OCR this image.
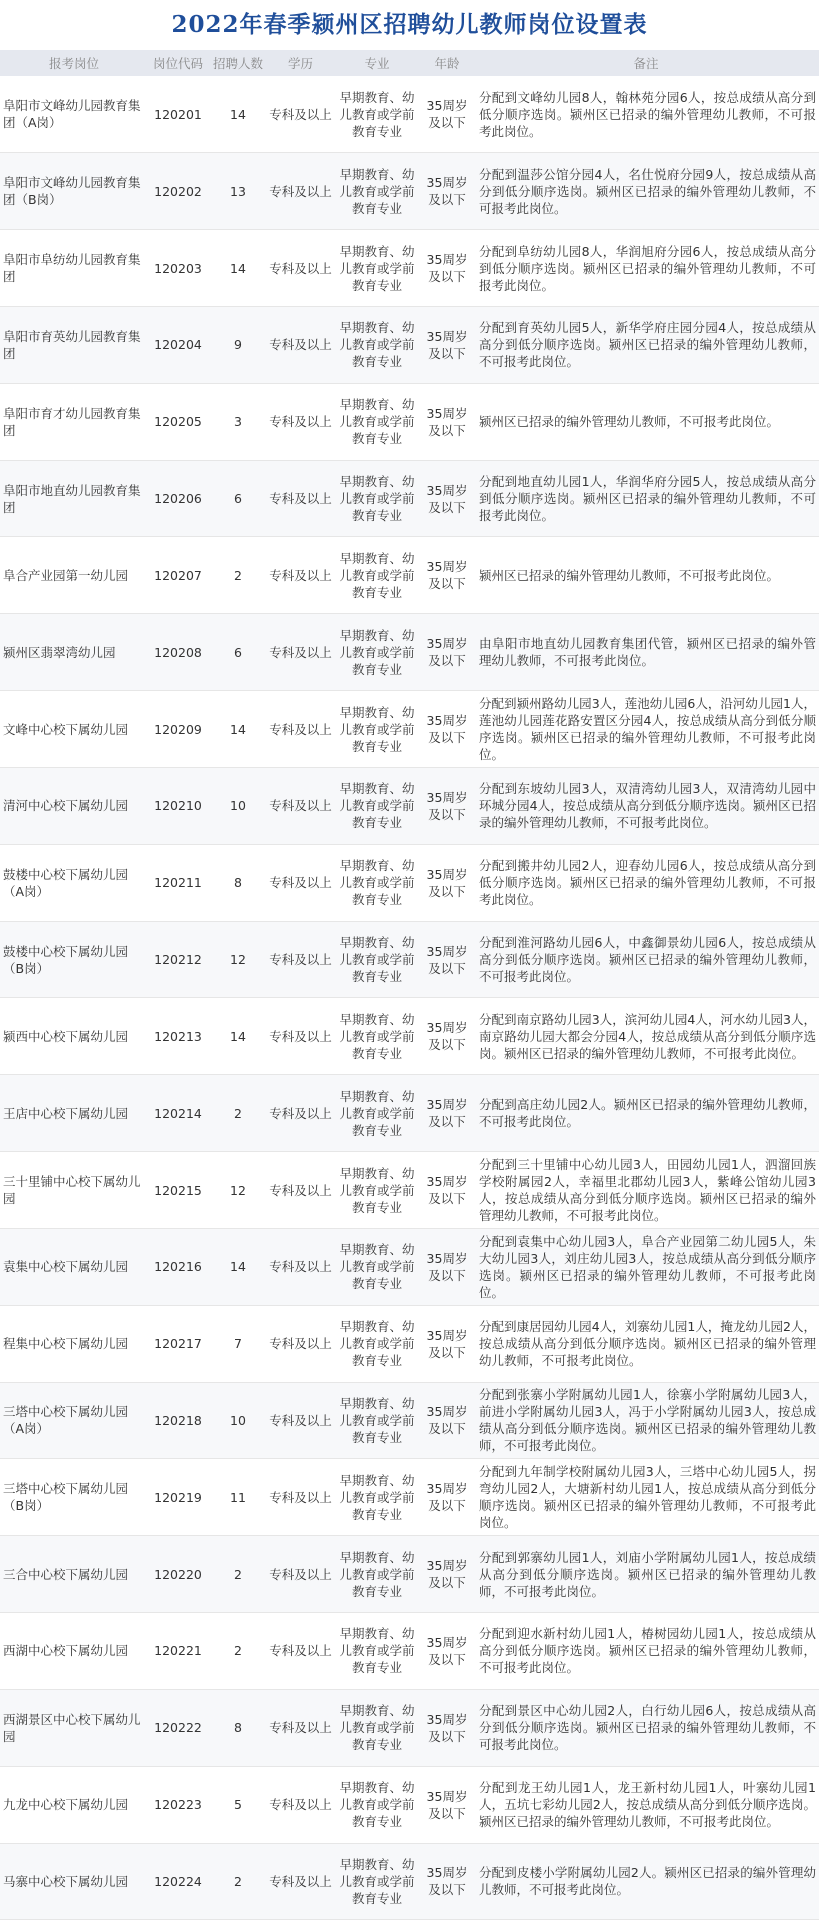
2022年春季颍州区招聘幼儿教师岗位设置表
报考岗位	岗位代码	招聘人数	学历	专业	年龄	备注
阜阳市文峰幼儿园教育集团（A岗）	120201	14	专科及以上	早期教育、幼儿教育或学前教育专业	35周岁及以下	分配到文峰幼儿园8人，翰林苑分园6人，按总成绩从高分到低分顺序选岗。颍州区已招录的编外管理幼儿教师，不可报考此岗位。
阜阳市文峰幼儿园教育集团（B岗）	120202	13	专科及以上	早期教育、幼儿教育或学前教育专业	35周岁及以下	分配到温莎公馆分园4人，名仕悦府分园9人，按总成绩从高分到低分顺序选岗。颍州区已招录的编外管理幼儿教师，不可报考此岗位。
阜阳市阜纺幼儿园教育集团	120203	14	专科及以上	早期教育、幼儿教育或学前教育专业	35周岁及以下	分配到阜纺幼儿园8人，华润旭府分园6人，按总成绩从高分到低分顺序选岗。颍州区已招录的编外管理幼儿教师，不可报考此岗位。
阜阳市育英幼儿园教育集团	120204	9	专科及以上	早期教育、幼儿教育或学前教育专业	35周岁及以下	分配到育英幼儿园5人，新华学府庄园分园4人，按总成绩从高分到低分顺序选岗。颍州区已招录的编外管理幼儿教师，不可报考此岗位。
阜阳市育才幼儿园教育集团	120205	3	专科及以上	早期教育、幼儿教育或学前教育专业	35周岁及以下	颍州区已招录的编外管理幼儿教师，不可报考此岗位。
阜阳市地直幼儿园教育集团	120206	6	专科及以上	早期教育、幼儿教育或学前教育专业	35周岁及以下	分配到地直幼儿园1人，华润华府分园5人，按总成绩从高分到低分顺序选岗。颍州区已招录的编外管理幼儿教师，不可报考此岗位。
阜合产业园第一幼儿园	120207	2	专科及以上	早期教育、幼儿教育或学前教育专业	35周岁及以下	颍州区已招录的编外管理幼儿教师，不可报考此岗位。
颍州区翡翠湾幼儿园	120208	6	专科及以上	早期教育、幼儿教育或学前教育专业	35周岁及以下	由阜阳市地直幼儿园教育集团代管，颍州区已招录的编外管理幼儿教师，不可报考此岗位。
文峰中心校下属幼儿园	120209	14	专科及以上	早期教育、幼儿教育或学前教育专业	35周岁及以下	分配到颍州路幼儿园3人，莲池幼儿园6人，沿河幼儿园1人，莲池幼儿园莲花路安置区分园4人，按总成绩从高分到低分顺序选岗。颍州区已招录的编外管理幼儿教师，不可报考此岗位。
清河中心校下属幼儿园	120210	10	专科及以上	早期教育、幼儿教育或学前教育专业	35周岁及以下	分配到东坡幼儿园3人，双清湾幼儿园3人，双清湾幼儿园中环城分园4人，按总成绩从高分到低分顺序选岗。颍州区已招录的编外管理幼儿教师，不可报考此岗位。
鼓楼中心校下属幼儿园（A岗）	120211	8	专科及以上	早期教育、幼儿教育或学前教育专业	35周岁及以下	分配到搬井幼儿园2人，迎春幼儿园6人，按总成绩从高分到低分顺序选岗。颍州区已招录的编外管理幼儿教师，不可报考此岗位。
鼓楼中心校下属幼儿园（B岗）	120212	12	专科及以上	早期教育、幼儿教育或学前教育专业	35周岁及以下	分配到淮河路幼儿园6人，中鑫御景幼儿园6人，按总成绩从高分到低分顺序选岗。颍州区已招录的编外管理幼儿教师，不可报考此岗位。
颍西中心校下属幼儿园	120213	14	专科及以上	早期教育、幼儿教育或学前教育专业	35周岁及以下	分配到南京路幼儿园3人，滨河幼儿园4人，河水幼儿园3人，南京路幼儿园大都会分园4人，按总成绩从高分到低分顺序选岗。颍州区已招录的编外管理幼儿教师，不可报考此岗位。
王店中心校下属幼儿园	120214	2	专科及以上	早期教育、幼儿教育或学前教育专业	35周岁及以下	分配到高庄幼儿园2人。颍州区已招录的编外管理幼儿教师，不可报考此岗位。
三十里铺中心校下属幼儿园	120215	12	专科及以上	早期教育、幼儿教育或学前教育专业	35周岁及以下	分配到三十里铺中心幼儿园3人，田园幼儿园1人，泗溜回族学校附属园2人，幸福里北郡幼儿园3人，紫峰公馆幼儿园3人，按总成绩从高分到低分顺序选岗。颍州区已招录的编外管理幼儿教师，不可报考此岗位。
袁集中心校下属幼儿园	120216	14	专科及以上	早期教育、幼儿教育或学前教育专业	35周岁及以下	分配到袁集中心幼儿园3人，阜合产业园第二幼儿园5人，朱大幼儿园3人，刘庄幼儿园3人，按总成绩从高分到低分顺序选岗。颍州区已招录的编外管理幼儿教师，不可报考此岗位。
程集中心校下属幼儿园	120217	7	专科及以上	早期教育、幼儿教育或学前教育专业	35周岁及以下	分配到康居园幼儿园4人，刘寨幼儿园1人，掩龙幼儿园2人，按总成绩从高分到低分顺序选岗。颍州区已招录的编外管理幼儿教师，不可报考此岗位。
三塔中心校下属幼儿园（A岗）	120218	10	专科及以上	早期教育、幼儿教育或学前教育专业	35周岁及以下	分配到张寨小学附属幼儿园1人，徐寨小学附属幼儿园3人，前进小学附属幼儿园3人，冯于小学附属幼儿园3人，按总成绩从高分到低分顺序选岗。颍州区已招录的编外管理幼儿教师，不可报考此岗位。
三塔中心校下属幼儿园（B岗）	120219	11	专科及以上	早期教育、幼儿教育或学前教育专业	35周岁及以下	分配到九年制学校附属幼儿园3人，三塔中心幼儿园5人，拐弯幼儿园2人，大塘新村幼儿园1人，按总成绩从高分到低分顺序选岗。颍州区已招录的编外管理幼儿教师，不可报考此岗位。
三合中心校下属幼儿园	120220	2	专科及以上	早期教育、幼儿教育或学前教育专业	35周岁及以下	分配到郭寨幼儿园1人，刘庙小学附属幼儿园1人，按总成绩从高分到低分顺序选岗。颍州区已招录的编外管理幼儿教师，不可报考此岗位。
西湖中心校下属幼儿园	120221	2	专科及以上	早期教育、幼儿教育或学前教育专业	35周岁及以下	分配到迎水新村幼儿园1人，椿树园幼儿园1人，按总成绩从高分到低分顺序选岗。颍州区已招录的编外管理幼儿教师，不可报考此岗位。
西湖景区中心校下属幼儿园	120222	8	专科及以上	早期教育、幼儿教育或学前教育专业	35周岁及以下	分配到景区中心幼儿园2人，白行幼儿园6人，按总成绩从高分到低分顺序选岗。颍州区已招录的编外管理幼儿教师，不可报考此岗位。
九龙中心校下属幼儿园	120223	5	专科及以上	早期教育、幼儿教育或学前教育专业	35周岁及以下	分配到龙王幼儿园1人，龙王新村幼儿园1人，叶寨幼儿园1人，五坑七彩幼儿园2人，按总成绩从高分到低分顺序选岗。颍州区已招录的编外管理幼儿教师，不可报考此岗位。
马寨中心校下属幼儿园	120224	2	专科及以上	早期教育、幼儿教育或学前教育专业	35周岁及以下	分配到皮楼小学附属幼儿园2人。颍州区已招录的编外管理幼儿教师，不可报考此岗位。
